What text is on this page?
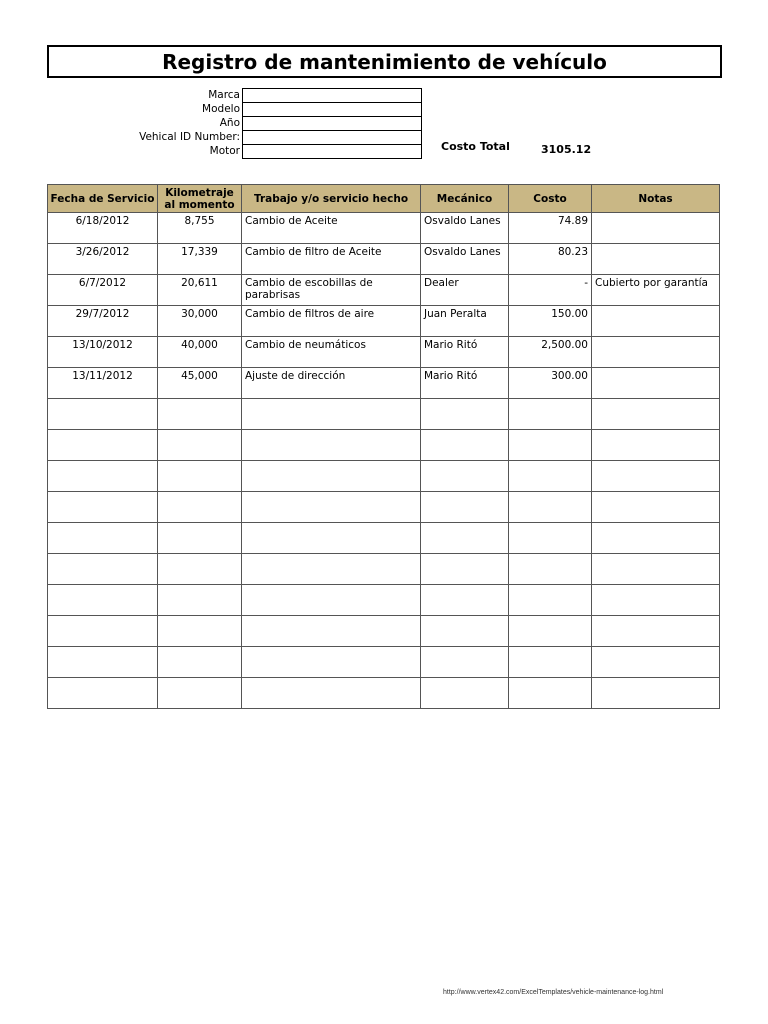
Registro de mantenimiento de vehículo
Marca
Modelo
Año
Vehical ID Number:
Motor	Costo Total	3105.12
Fecha de Servicio	Kilometraje al momento	Trabajo y/o servicio hecho	Mecánico	Costo	Notas
6/18/2012	8,755	Cambio de Aceite	Osvaldo Lanes	74.89	
3/26/2012	17,339	Cambio de filtro de Aceite	Osvaldo Lanes	80.23	
6/7/2012	20,611	Cambio de escobillas de parabrisas	Dealer	-	Cubierto por garantía
29/7/2012	30,000	Cambio de filtros de aire	Juan Peralta	150.00	
13/10/2012	40,000	Cambio de neumáticos	Mario Ritó	2,500.00	
13/11/2012	45,000	Ajuste de dirección	Mario Ritó	300.00	

http://www.vertex42.com/ExcelTemplates/vehicle-maintenance-log.html
